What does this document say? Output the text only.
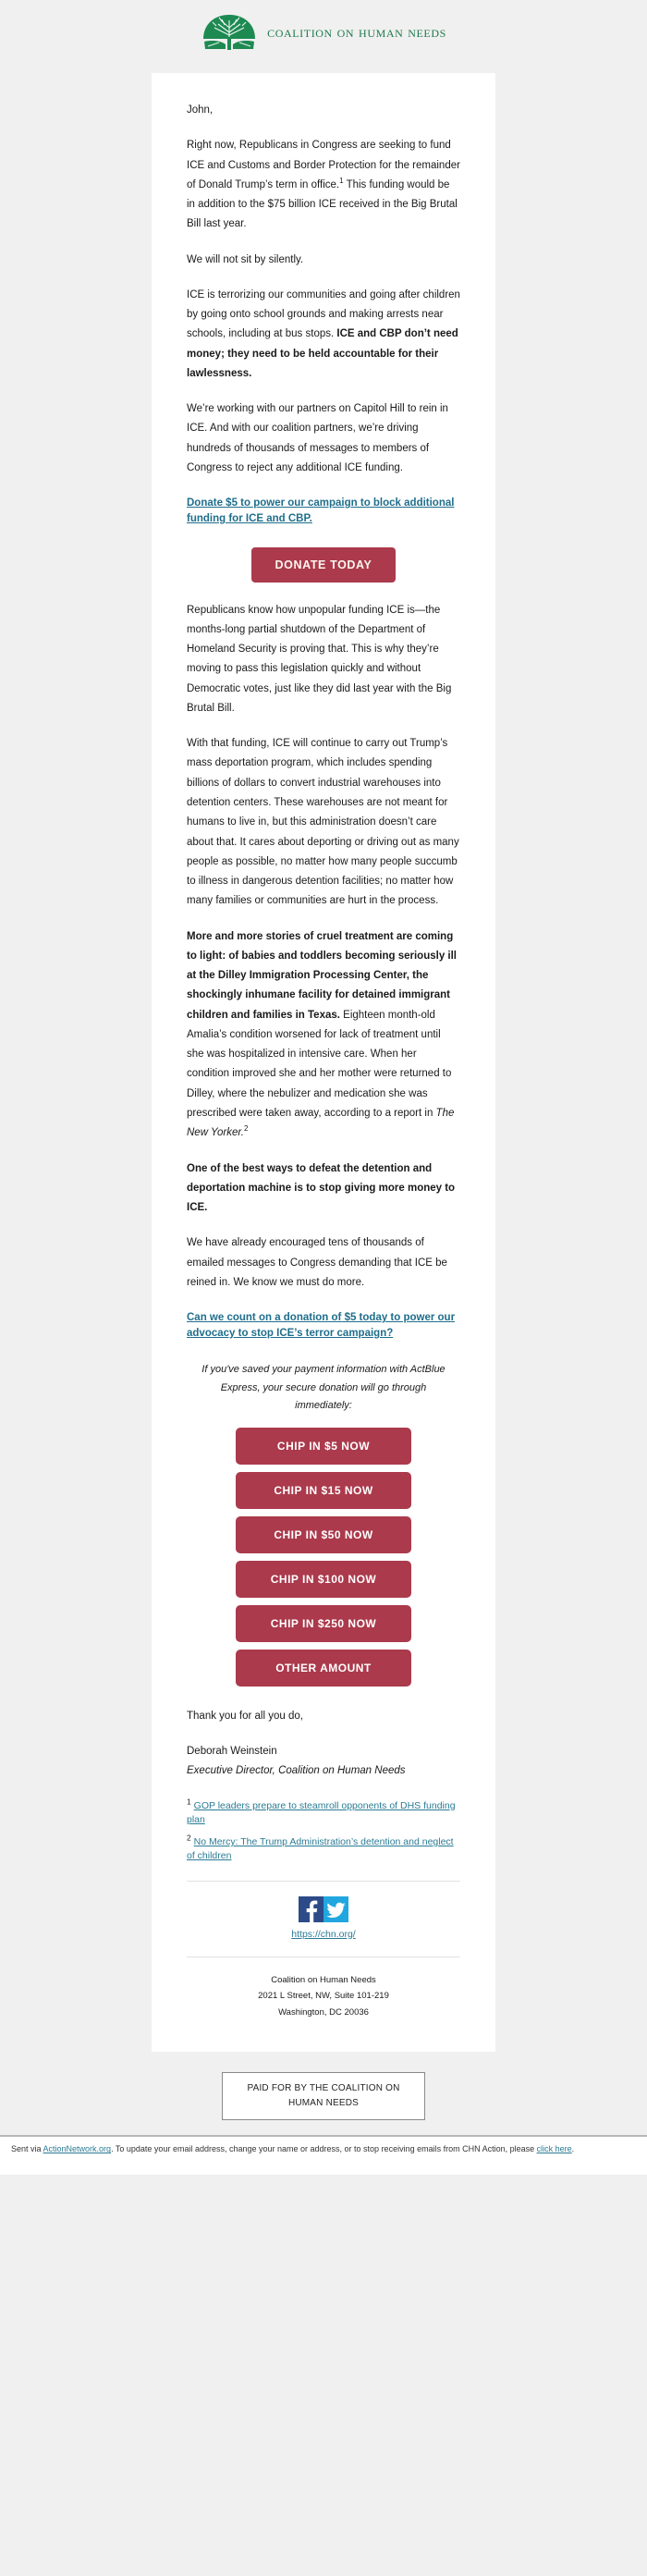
coalition on human needs

John,

Right now, Republicans in Congress are seeking to fund ICE and Customs and Border Protection for the remainder of Donald Trump’s term in office.$^1$ This funding would be in addition to the $75 billion ICE received in the Big Brutal Bill last year.

We will not sit by silently.

ICE is terrorizing our communities and going after children by going onto school grounds and making arrests near schools, including at bus stops. ICE and CBP don’t need money; they need to be held accountable for their lawlessness.

We’re working with our partners on Capitol Hill to rein in ICE. And with our coalition partners, we’re driving hundreds of thousands of messages to members of Congress to reject any additional ICE funding.

Donate $5 to power our campaign to block additional funding for ICE and CBP.
DONATE TODAY

Republicans know how unpopular funding ICE is—the months-long partial shutdown of the Department of Homeland Security is proving that. This is why they’re moving to pass this legislation quickly and without Democratic votes, just like they did last year with the Big Brutal Bill.

With that funding, ICE will continue to carry out Trump’s mass deportation program, which includes spending billions of dollars to convert industrial warehouses into detention centers. These warehouses are not meant for humans to live in, but this administration doesn’t care about that. It cares about deporting or driving out as many people as possible, no matter how many people succumb to illness in dangerous detention facilities; no matter how many families or communities are hurt in the process.

More and more stories of cruel treatment are coming to light: of babies and toddlers becoming seriously ill at the Dilley Immigration Processing Center, the shockingly inhumane facility for detained immigrant children and families in Texas. Eighteen month-old Amalia’s condition worsened for lack of treatment until she was hospitalized in intensive care. When her condition improved she and her mother were returned to Dilley, where the nebulizer and medication she was prescribed were taken away, according to a report in The New Yorker.$^2$

One of the best ways to defeat the detention and deportation machine is to stop giving more money to ICE.

We have already encouraged tens of thousands of emailed messages to Congress demanding that ICE be reined in. We know we must do more.

Can we count on a donation of $5 today to power our advocacy to stop ICE’s terror campaign?

If you've saved your payment information with ActBlue Express, your secure donation will go through immediately:

CHIP IN $5 NOW
CHIP IN $15 NOW
CHIP IN $50 NOW
CHIP IN $100 NOW
CHIP IN $250 NOW
OTHER AMOUNT

Thank you for all you do,

Deborah Weinstein

Executive Director, Coalition on Human Needs

$^1$ GOP leaders prepare to steamroll opponents of DHS funding plan

$^2$ No Mercy: The Trump Administration’s detention and neglect of children

https://chn.org/
Coalition on Human Needs
2021 L Street, NW, Suite 101-219
Washington, DC 20036
PAID FOR BY THE COALITION ON
HUMAN NEEDS
Sent via ActionNetwork.org. To update your email address, change your name or address, or to stop receiving emails from CHN Action, please click here.
